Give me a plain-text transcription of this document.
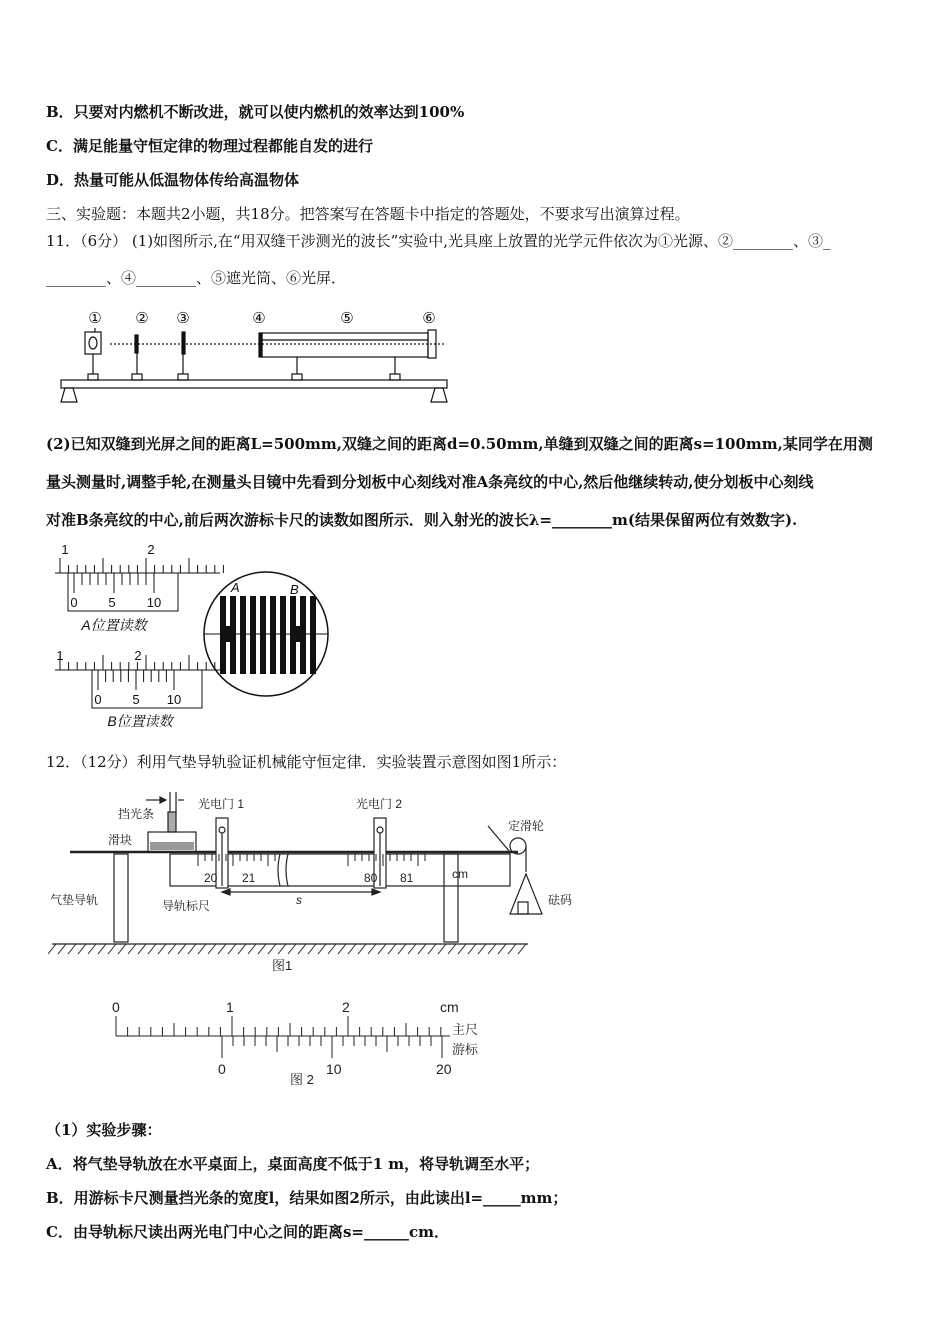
B．只要对内燃机不断改进，就可以使内燃机的效率达到100%
C．满足能量守恒定律的物理过程都能自发的进行
D．热量可能从低温物体传给高温物体
三、实验题：本题共2小题，共18分。把答案写在答题卡中指定的答题处，不要求写出演算过程。
11．（6分） (1)如图所示,在“用双缝干涉测光的波长”实验中,光具座上放置的光学元件依次为①光源、②________、③_
________、④________、⑤遮光筒、⑥光屏．
① ② ③	④	⑤	⑥
(2)已知双缝到光屏之间的距离L=500mm,双缝之间的距离d=0.50mm,单缝到双缝之间的距离s=100mm,某同学在用测
量头测量时,调整手轮,在测量头目镜中先看到分划板中心刻线对准A条亮纹的中心,然后他继续转动,使分划板中心刻线
对准B条亮纹的中心,前后两次游标卡尺的读数如图所示．则入射光的波长λ=________m(结果保留两位有效数字).
1	2
0 5 10
1	2
0 5 10
A位置读数
B位置读数
A	B
12．（12分）利用气垫导轨验证机械能守恒定律．实验装置示意图如图1所示：
挡光条
光电门 1	光电门 2
滑块
定滑轮
气垫导轨	导轨标尺	砝码
20 21	80 81	cm
s
图1
0	1	2	cm
主尺
游标
0	10	20
图 2
（1）实验步骤：
A．将气垫导轨放在水平桌面上，桌面高度不低于1 m，将导轨调至水平；
B．用游标卡尺测量挡光条的宽度l，结果如图2所示，由此读出l=_____mm；
C．由导轨标尺读出两光电门中心之间的距离s=______cm．
